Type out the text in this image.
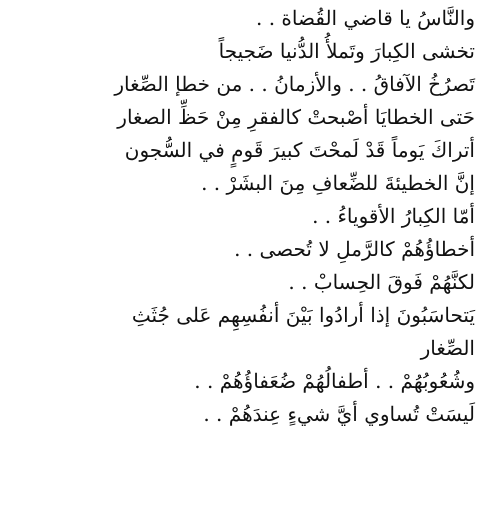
والنَّاسُ يا قاضي القُضاة . .
تخشى الكِبارَ وتَملأُ الدُّنيا ضَجيجاً
تَصرُخُ الآفاقُ . . والأزمانُ . . من خطإ الصِّغار
حَتى الخطايَا أصْبحتْ كالفقرِ مِنْ حَظِّ الصغار
أتراكَ يَوماً قَدْ لَمحْتَ كبيرَ قَومٍ في السُّجون
إنَّ الخطيئةَ للضِّعافِ مِنَ البشَرْ . .
أمّا الكِبارُ الأقوياءُ . .
أخطاؤُهُمْ كالرَّملِ لا تُحصى . .
لكنَّهُمْ فَوقَ الحِسابْ . .
يَتحاسَبُونَ إذا أرادُوا بَيْنَ أنفُسِهِم عَلى جُثَثِ
الصِّغار
وشُعُوبُهُمْ . . أطفالُهُمْ ضُعَفاؤُهُمْ . .
لَيسَتْ تُساوي أيَّ شيءٍ عِندَهُمْ . .
